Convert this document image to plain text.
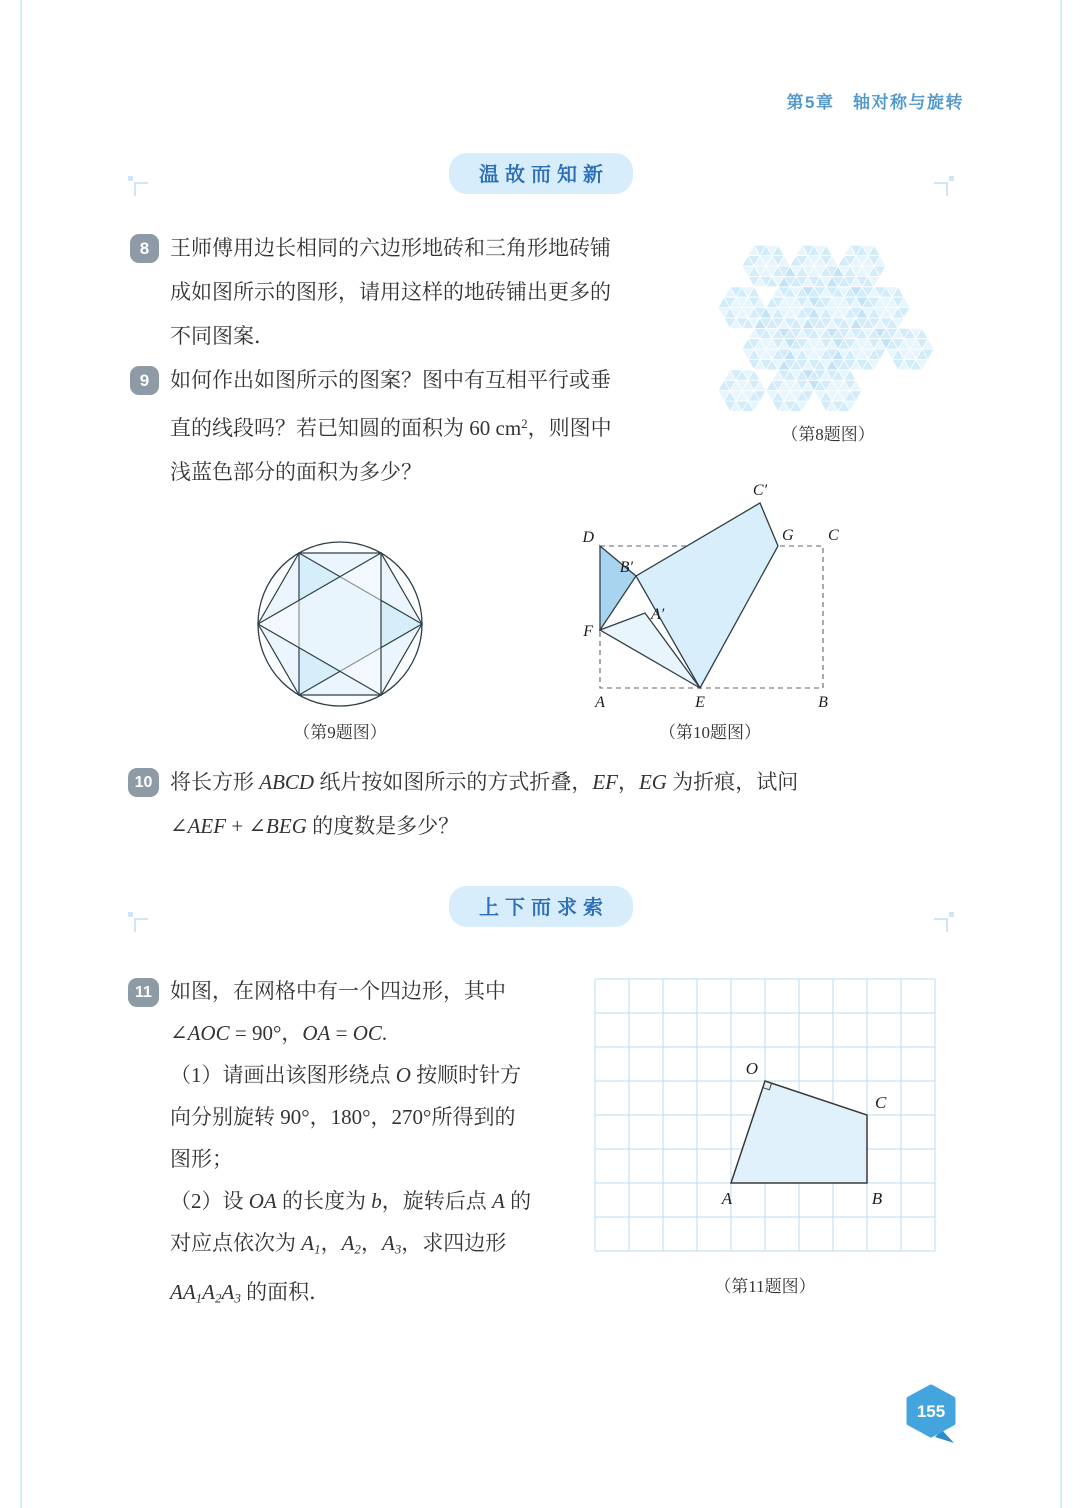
第5章　轴对称与旋转
温故而知新
8 王师傅用边长相同的六边形地砖和三角形地砖铺
成如图所示的图形，请用这样的地砖铺出更多的
不同图案．
（第8题图）
9 如何作出如图所示的图案？图中有互相平行或垂
直的线段吗？若已知圆的面积为 60 $cm^2$，则图中
浅蓝色部分的面积为多少？
（第9题图）
C′
D	G C
B′
A′
F
A	E	B
（第10题图）
10 将长方形 ABCD 纸片按如图所示的方式折叠，EF，EG 为折痕，试问
∠AEF + ∠BEG 的度数是多少？
上下而求索
11 如图，在网格中有一个四边形，其中
∠AOC = 90°，OA = OC.
（1）请画出该图形绕点 O 按顺时针方
向分别旋转 90°，180°，270°所得到的
图形；
（2）设 OA 的长度为 b，旋转后点 A 的
对应点依次为 A1，A2，A3，求四边形
AA1A2A3 的面积．
O
C
A	B
（第11题图）
155
